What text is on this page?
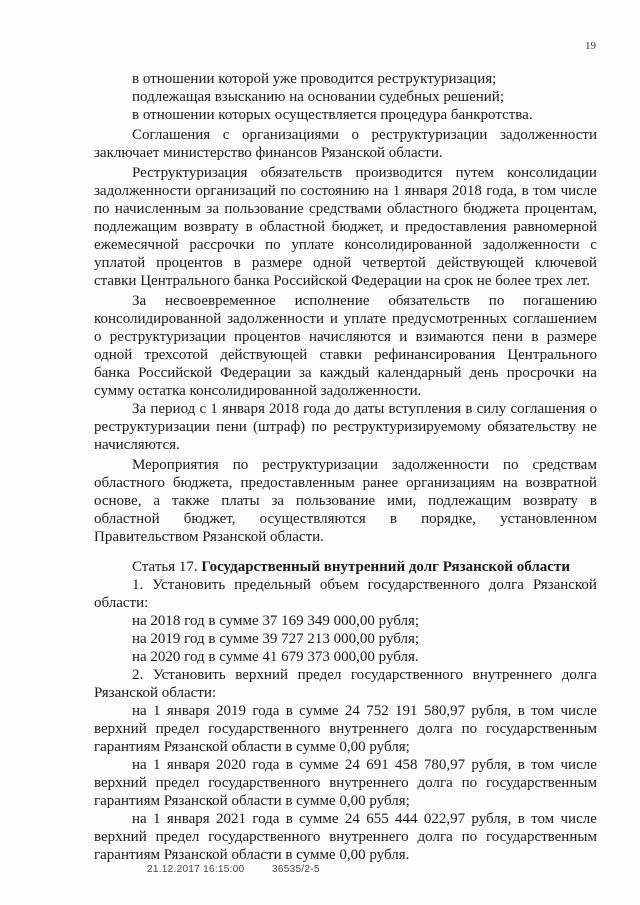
19
в отношении которой уже проводится реструктуризация;
подлежащая взысканию на основании судебных решений;
в отношении которых осуществляется процедура банкротства.
Соглашения с организациями о реструктуризации задолженности
заключает министерство финансов Рязанской области.
Реструктуризация обязательств производится путем консолидации
задолженности организаций по состоянию на 1 января 2018 года, в том числе
по начисленным за пользование средствами областного бюджета процентам,
подлежащим возврату в областной бюджет, и предоставления равномерной
ежемесячной рассрочки по уплате консолидированной задолженности с
уплатой процентов в размере одной четвертой действующей ключевой
ставки Центрального банка Российской Федерации на срок не более трех лет.
За несвоевременное исполнение обязательств по погашению
консолидированной задолженности и уплате предусмотренных соглашением
о реструктуризации процентов начисляются и взимаются пени в размере
одной трехсотой действующей ставки рефинансирования Центрального
банка Российской Федерации за каждый календарный день просрочки на
сумму остатка консолидированной задолженности.
За период с 1 января 2018 года до даты вступления в силу соглашения о
реструктуризации пени (штраф) по реструктуризируемому обязательству не
начисляются.
Мероприятия по реструктуризации задолженности по средствам
областного бюджета, предоставленным ранее организациям на возвратной
основе, а также платы за пользование ими, подлежащим возврату в
областной бюджет, осуществляются в порядке, установленном
Правительством Рязанской области.
Статья 17. Государственный внутренний долг Рязанской области
1. Установить предельный объем государственного долга Рязанской
области:
на 2018 год в сумме 37 169 349 000,00 рубля;
на 2019 год в сумме 39 727 213 000,00 рубля;
на 2020 год в сумме 41 679 373 000,00 рубля.
2. Установить верхний предел государственного внутреннего долга
Рязанской области:
на 1 января 2019 года в сумме 24 752 191 580,97 рубля, в том числе
верхний предел государственного внутреннего долга по государственным
гарантиям Рязанской области в сумме 0,00 рубля;
на 1 января 2020 года в сумме 24 691 458 780,97 рубля, в том числе
верхний предел государственного внутреннего долга по государственным
гарантиям Рязанской области в сумме 0,00 рубля;
на 1 января 2021 года в сумме 24 655 444 022,97 рубля, в том числе
верхний предел государственного внутреннего долга по государственным
гарантиям Рязанской области в сумме 0,00 рубля.
21.12.2017 16:15:00	36535/2-5
